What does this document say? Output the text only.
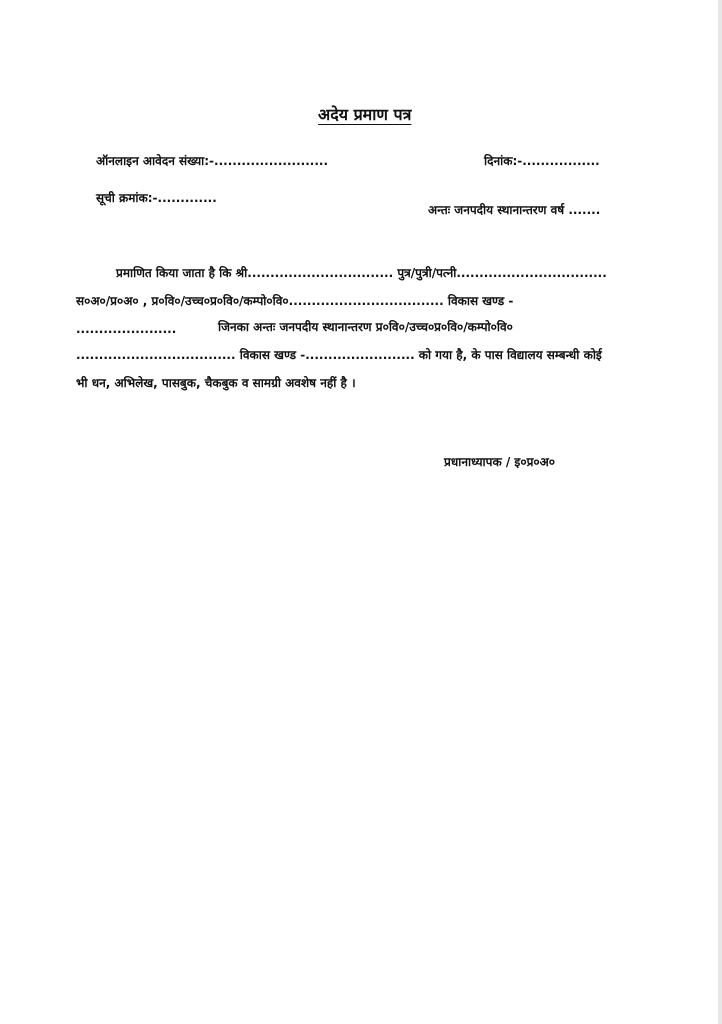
अदेय प्रमाण पत्र
ऑनलाइन आवेदन संख्या:-.........................	दिनांक:-.................
सूची क्रमांक:-.............
अन्तः जनपदीय स्थानान्तरण वर्ष .......
प्रमाणित किया जाता है कि श्री................................ पुत्र/पुत्री/पत्नी.................................
स०अ०/प्र०अ० , प्र०वि०/उच्च०प्र०वि०/कम्पो०वि०.................................. विकास खण्ड -
......................	जिनका अन्तः जनपदीय स्थानान्तरण प्र०वि०/उच्च०प्र०वि०/कम्पो०वि०
................................... विकास खण्ड -........................ को गया है, के पास विद्यालय सम्बन्धी कोई
भी धन, अभिलेख, पासबुक, चैकबुक व सामग्री अवशेष नहीं है ।
प्रधानाध्यापक / इ०प्र०अ०
